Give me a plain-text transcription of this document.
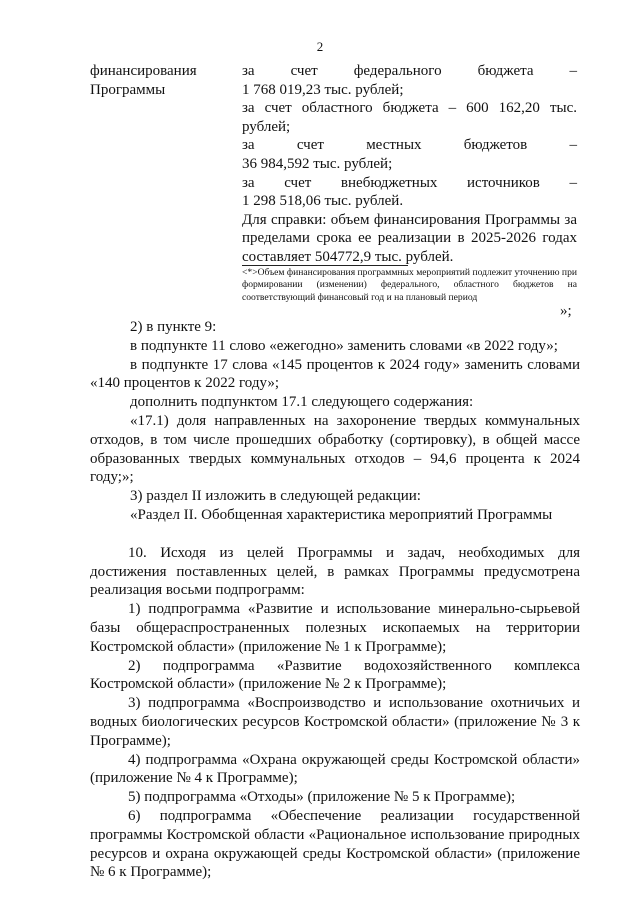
2
финансирования
Программы
за счет федерального бюджета –
1 768 019,23 тыс. рублей;
за счет областного бюджета – 600 162,20 тыс.
рублей;
за счет местных бюджетов –
36 984,592 тыс. рублей;
за счет внебюджетных источников –
1 298 518,06 тыс. рублей.
Для справки: объем финансирования Программы за пределами срока ее реализации в 2025-2026 годах составляет 504772,9 тыс. рублей.
<*>Объем финансирования программных мероприятий подлежит уточнению при формировании (изменении) федерального, областного бюджетов на соответствующий финансовый год и на плановый период
»;

2) в пункте 9:

в подпункте 11 слово «ежегодно» заменить словами «в 2022 году»;

в подпункте 17 слова «145 процентов к 2024 году» заменить словами «140 процентов к 2022 году»;

дополнить подпунктом 17.1 следующего содержания:

«17.1) доля направленных на захоронение твердых коммунальных отходов, в том числе прошедших обработку (сортировку), в общей массе образованных твердых коммунальных отходов – 94,6 процента к 2024 году;»;

3) раздел II изложить в следующей редакции:

«Раздел II. Обобщенная характеристика мероприятий Программы

10. Исходя из целей Программы и задач, необходимых для достижения поставленных целей, в рамках Программы предусмотрена реализация восьми подпрограмм:

1) подпрограмма «Развитие и использование минерально-сырьевой базы общераспространенных полезных ископаемых на территории Костромской области» (приложение № 1 к Программе);

2) подпрограмма «Развитие водохозяйственного комплекса Костромской области» (приложение № 2 к Программе);

3) подпрограмма «Воспроизводство и использование охотничьих и водных биологических ресурсов Костромской области» (приложение № 3 к Программе);

4) подпрограмма «Охрана окружающей среды Костромской области» (приложение № 4 к Программе);

5) подпрограмма «Отходы» (приложение № 5 к Программе);

6) подпрограмма «Обеспечение реализации государственной программы Костромской области «Рациональное использование природных ресурсов и охрана окружающей среды Костромской области» (приложение № 6 к Программе);
